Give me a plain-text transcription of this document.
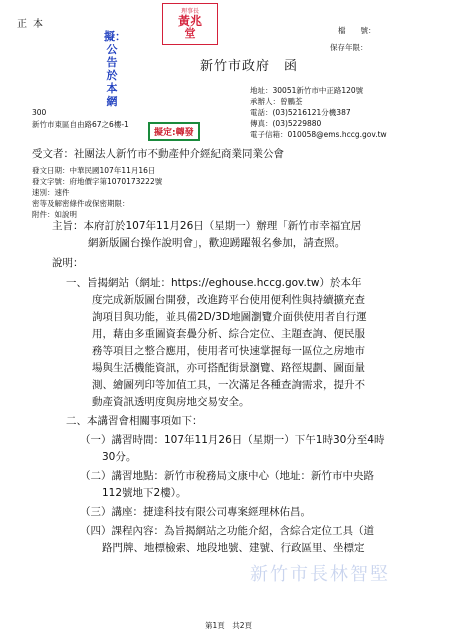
正本
檔　　號：
保存年限：
理事長
黃兆
堂
擬：公告於本網
新竹市政府　函
地址：30051新竹市中正路120號
承辦人：曾鵬荃
電話：(03)5216121分機387
傳真：(03)5229880
電子信箱：010058@ems.hccg.gov.tw
300
新竹市東區自由路67之6樓-1
擬定:轉發
受文者：社團法人新竹市不動產仲介經紀商業同業公會
發文日期：中華民國107年11月16日
發文字號：府地價字第1070173222號
速別：速件
密等及解密條件或保密期限：
附件：如說明
主旨：本府訂於107年11月26日（星期一）辦理「新竹市幸福宜居
網新版圖台操作說明會」，歡迎踴躍報名參加，請查照。
說明：
一、旨揭網站（網址：https://eghouse.hccg.gov.tw）於本年
度完成新版圖台開發，改進跨平台使用便利性與持續擴充查
詢項目與功能，並具備2D/3D地圖瀏覽介面供使用者自行運
用，藉由多重圖資套疊分析、綜合定位、主題查詢、便民服
務等項目之整合應用，使用者可快速掌握每一區位之房地市
場與生活機能資訊，亦可搭配街景瀏覽、路徑規劃、圖面量
測、繪圖列印等加值工具，一次滿足各種查詢需求，提升不
動產資訊透明度與房地交易安全。
二、本講習會相關事項如下：
（一）講習時間：107年11月26日（星期一）下午1時30分至4時
30分。
（二）講習地點：新竹市稅務局文康中心（地址：新竹市中央路
112號地下2樓）。
（三）講座：捷達科技有限公司專案經理林佑昌。
（四）課程內容：為旨揭網站之功能介紹，含綜合定位工具（道
路門牌、地標檢索、地段地號、建號、行政區里、坐標定
新竹市長林智堅
第1頁　共2頁
